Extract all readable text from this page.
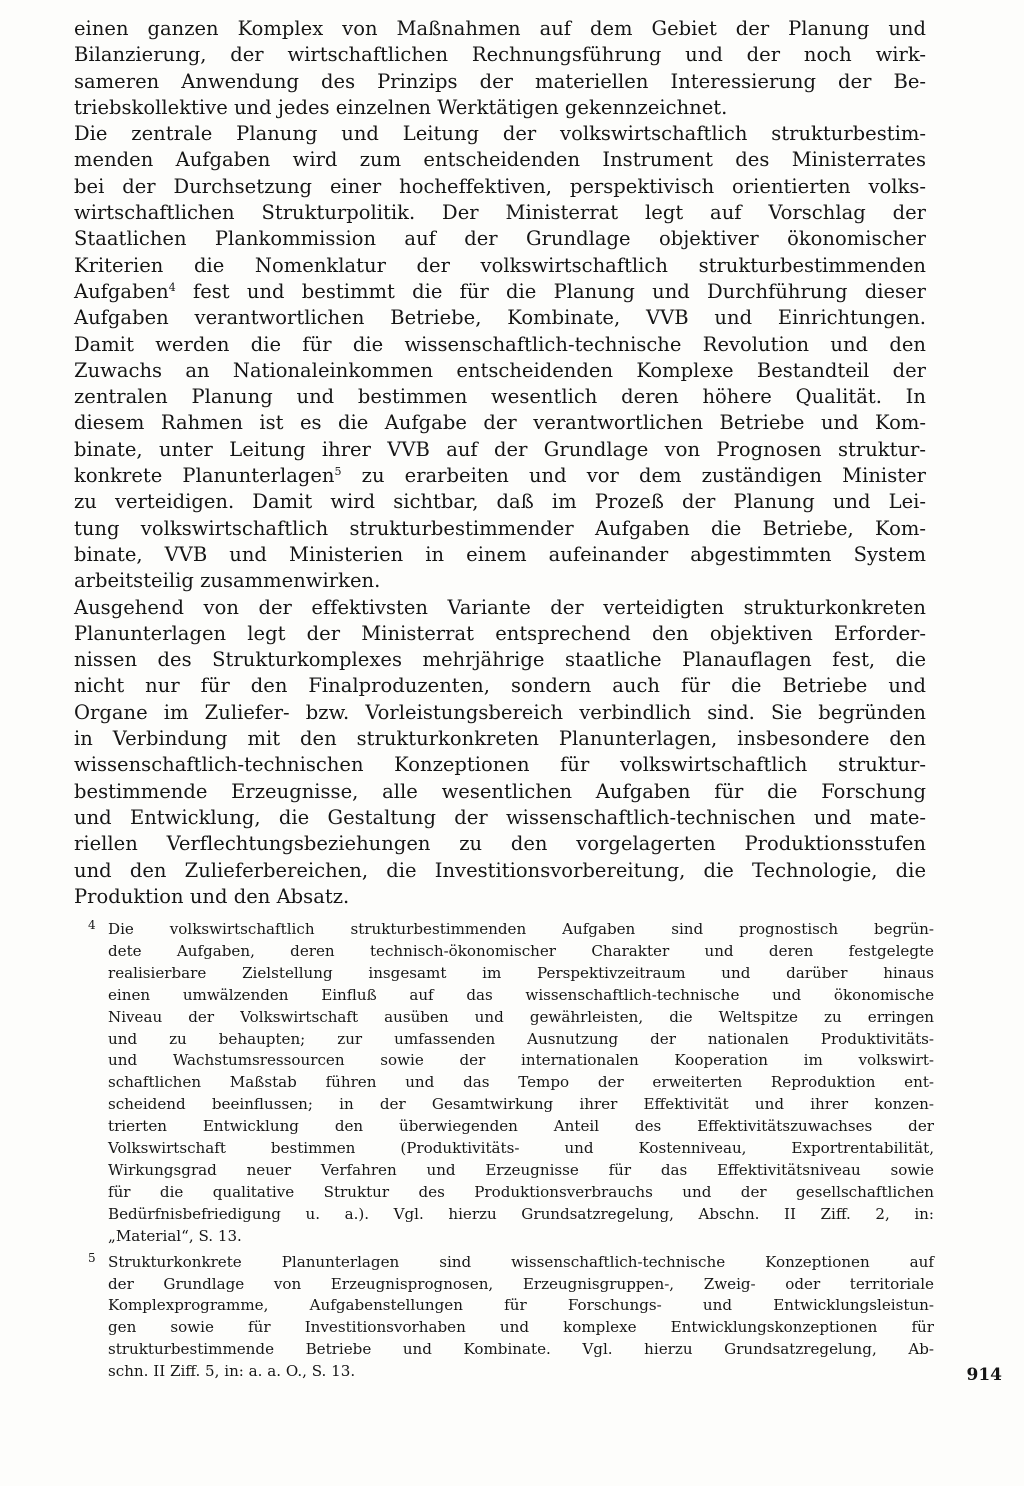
einen ganzen Komplex von Maßnahmen auf dem Gebiet der Planung und
Bilanzierung, der wirtschaftlichen Rechnungsführung und der noch wirk-
sameren Anwendung des Prinzips der materiellen Interessierung der Be-
triebskollektive und jedes einzelnen Werktätigen gekennzeichnet.
Die zentrale Planung und Leitung der volkswirtschaftlich strukturbestim-
menden Aufgaben wird zum entscheidenden Instrument des Ministerrates
bei der Durchsetzung einer hocheffektiven, perspektivisch orientierten volks-
wirtschaftlichen Strukturpolitik. Der Ministerrat legt auf Vorschlag der
Staatlichen Plankommission auf der Grundlage objektiver ökonomischer
Kriterien die Nomenklatur der volkswirtschaftlich strukturbestimmenden
Aufgaben$^4$ fest und bestimmt die für die Planung und Durchführung dieser
Aufgaben verantwortlichen Betriebe, Kombinate, VVB und Einrichtungen.
Damit werden die für die wissenschaftlich-technische Revolution und den
Zuwachs an Nationaleinkommen entscheidenden Komplexe Bestandteil der
zentralen Planung und bestimmen wesentlich deren höhere Qualität. In
diesem Rahmen ist es die Aufgabe der verantwortlichen Betriebe und Kom-
binate, unter Leitung ihrer VVB auf der Grundlage von Prognosen struktur-
konkrete Planunterlagen$^5$ zu erarbeiten und vor dem zuständigen Minister
zu verteidigen. Damit wird sichtbar, daß im Prozeß der Planung und Lei-
tung volkswirtschaftlich strukturbestimmender Aufgaben die Betriebe, Kom-
binate, VVB und Ministerien in einem aufeinander abgestimmten System
arbeitsteilig zusammenwirken.
Ausgehend von der effektivsten Variante der verteidigten strukturkonkreten
Planunterlagen legt der Ministerrat entsprechend den objektiven Erforder-
nissen des Strukturkomplexes mehrjährige staatliche Planauflagen fest, die
nicht nur für den Finalproduzenten, sondern auch für die Betriebe und
Organe im Zuliefer- bzw. Vorleistungsbereich verbindlich sind. Sie begründen
in Verbindung mit den strukturkonkreten Planunterlagen, insbesondere den
wissenschaftlich-technischen Konzeptionen für volkswirtschaftlich struktur-
bestimmende Erzeugnisse, alle wesentlichen Aufgaben für die Forschung
und Entwicklung, die Gestaltung der wissenschaftlich-technischen und mate-
riellen Verflechtungsbeziehungen zu den vorgelagerten Produktionsstufen
und den Zulieferbereichen, die Investitionsvorbereitung, die Technologie, die
Produktion und den Absatz.
4 Die volkswirtschaftlich strukturbestimmenden Aufgaben sind prognostisch begrün-
dete Aufgaben, deren technisch-ökonomischer Charakter und deren festgelegte
realisierbare Zielstellung insgesamt im Perspektivzeitraum und darüber hinaus
einen umwälzenden Einfluß auf das wissenschaftlich-technische und ökonomische
Niveau der Volkswirtschaft ausüben und gewährleisten, die Weltspitze zu erringen
und zu behaupten; zur umfassenden Ausnutzung der nationalen Produktivitäts-
und Wachstumsressourcen sowie der internationalen Kooperation im volkswirt-
schaftlichen Maßstab führen und das Tempo der erweiterten Reproduktion ent-
scheidend beeinflussen; in der Gesamtwirkung ihrer Effektivität und ihrer konzen-
trierten Entwicklung den überwiegenden Anteil des Effektivitätszuwachses der
Volkswirtschaft bestimmen (Produktivitäts- und Kostenniveau, Exportrentabilität,
Wirkungsgrad neuer Verfahren und Erzeugnisse für das Effektivitätsniveau sowie
für die qualitative Struktur des Produktionsverbrauchs und der gesellschaftlichen
Bedürfnisbefriedigung u. a.). Vgl. hierzu Grundsatzregelung, Abschn. II Ziff. 2, in:
„Material“, S. 13.
5 Strukturkonkrete Planunterlagen sind wissenschaftlich-technische Konzeptionen auf
der Grundlage von Erzeugnisprognosen, Erzeugnisgruppen-, Zweig- oder territoriale
Komplexprogramme, Aufgabenstellungen für Forschungs- und Entwicklungsleistun-
gen sowie für Investitionsvorhaben und komplexe Entwicklungskonzeptionen für
strukturbestimmende Betriebe und Kombinate. Vgl. hierzu Grundsatzregelung, Ab-
schn. II Ziff. 5, in: a. a. O., S. 13.	914
